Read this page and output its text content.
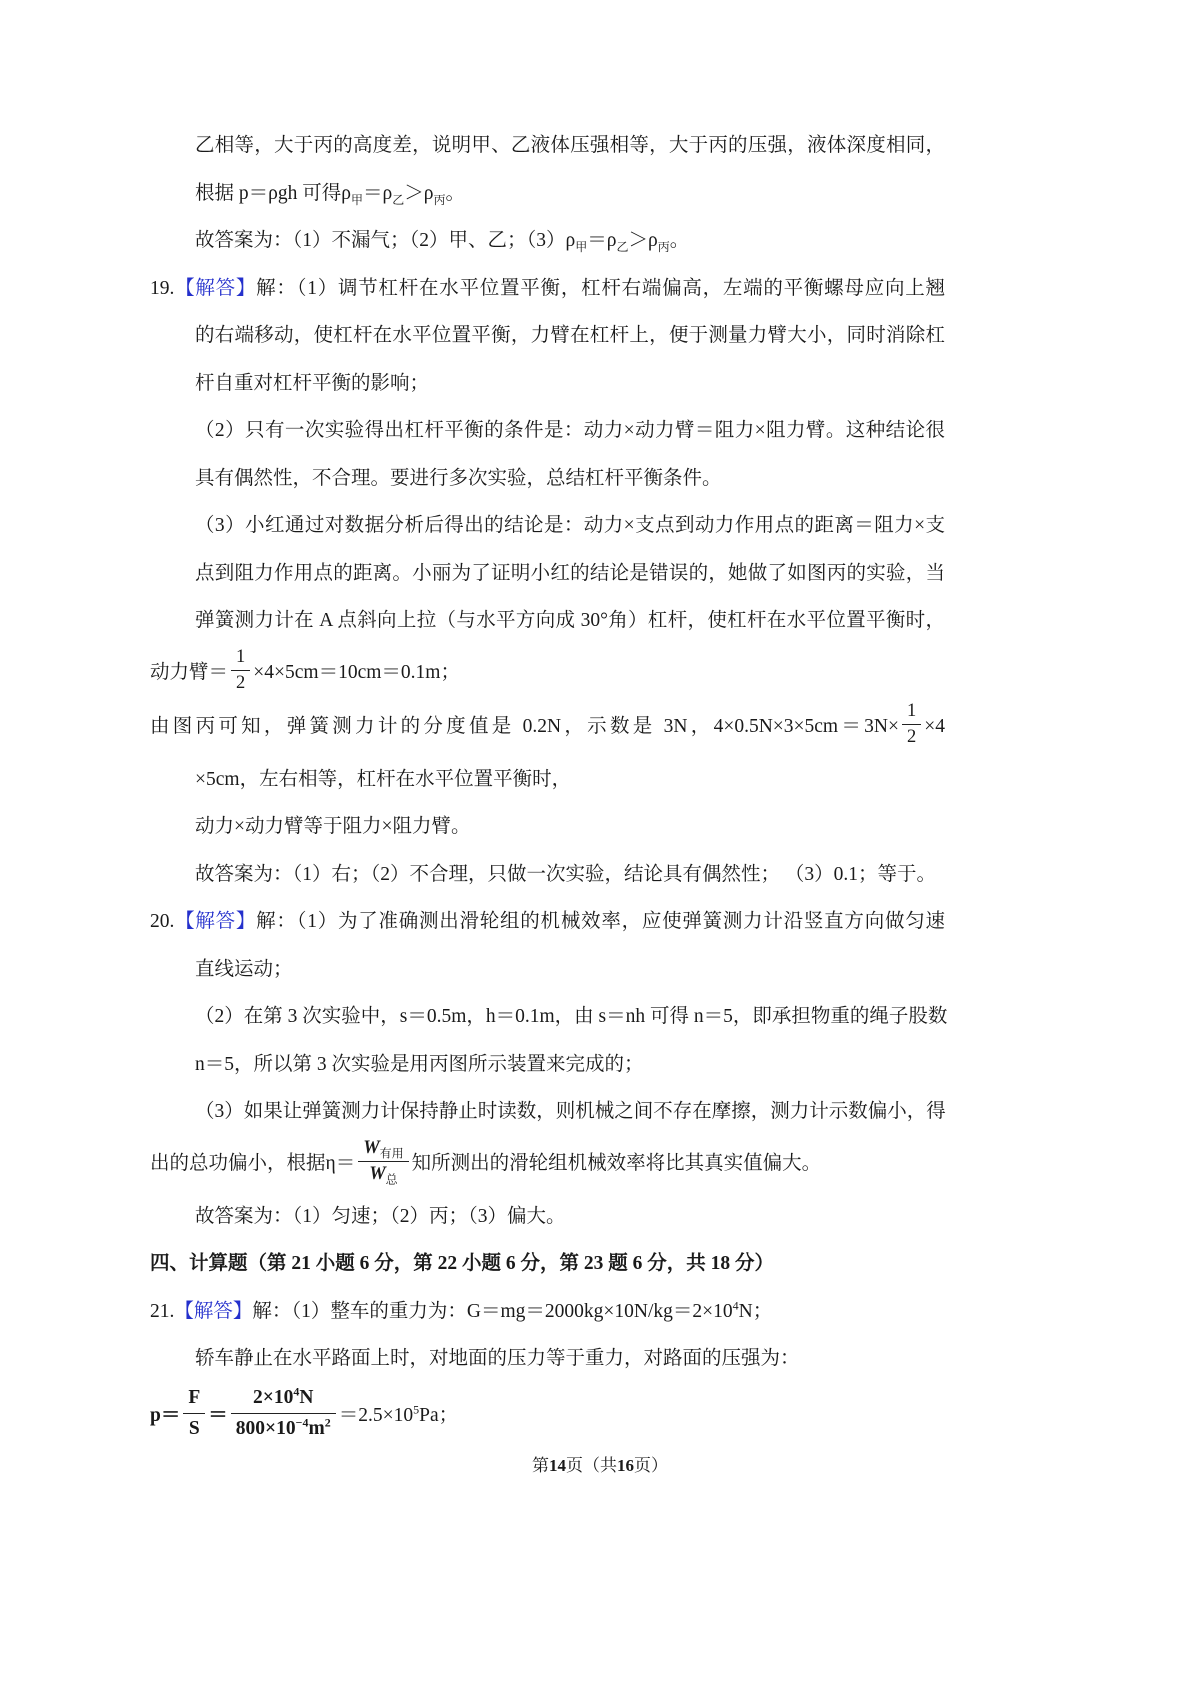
乙相等，大于丙的高度差，说明甲、乙液体压强相等，大于丙的压强，液体深度相同，
根据 p＝ρgh 可得$\rho_甲=\rho_乙>\rho_丙$。
故答案为：（1）不漏气；（2）甲、乙；$(3)\rho_甲=\rho_乙>\rho_丙$。
19.【解答】解：（1）调节杠杆在水平位置平衡，杠杆右端偏高，左端的平衡螺母应向上翘
的右端移动，使杠杆在水平位置平衡，力臂在杠杆上，便于测量力臂大小，同时消除杠
杆自重对杠杆平衡的影响；
（2）只有一次实验得出杠杆平衡的条件是：动力×动力臂＝阻力×阻力臂。这种结论很
具有偶然性，不合理。要进行多次实验，总结杠杆平衡条件。
（3）小红通过对数据分析后得出的结论是：动力×支点到动力作用点的距离＝阻力×支
点到阻力作用点的距离。小丽为了证明小红的结论是错误的，她做了如图丙的实验，当
弹簧测力计在 A 点斜向上拉（与水平方向成 30°角）杠杆，使杠杆在水平位置平衡时，
动力臂＝ $\frac{1}{2} \times 4\times 5cm=10cm=0.1m$；
由图丙可知，弹簧测力计的分度值是 0.2N，示数是 3N，$4\times 0.5N\times 3\times 5cm=3N\times \frac{1}{2} \times 4$
×5cm，左右相等，杠杆在水平位置平衡时，
动力×动力臂等于阻力×阻力臂。
故答案为：（1）右；（2）不合理，只做一次实验，结论具有偶然性； （3）0.1；等于。
20.【解答】解：（1）为了准确测出滑轮组的机械效率，应使弹簧测力计沿竖直方向做匀速
直线运动；
（2）在第 3 次实验中，s＝0.5m，h＝0.1m，由 s＝nh 可得 n＝5，即承担物重的绳子股数
n＝5，所以第 3 次实验是用丙图所示装置来完成的；
（3）如果让弹簧测力计保持静止时读数，则机械之间不存在摩擦，测力计示数偏小，得
出的总功偏小，根据$\eta= \frac{W_{有用}}{W_总}$ 知所测出的滑轮组机械效率将比其真实值偏大。
故答案为：（1）匀速；（2）丙；（3）偏大。
四、计算题（第 21 小题 6 分，第 22 小题 6 分，第 23 题 6 分，共 18 分）
21.【解答】解：（1）整车的重力为：$G=mg=2000kg\times 10N/kg=2\times 10^4N$；
轿车静止在水平路面上时，对地面的压力等于重力，对路面的压强为：
$p= \frac{F}{S} = \frac{2\times 10^4N}{800\times 10^{-4}m^2} =2.5\times 10^5Pa$；
第14页（共16页）
